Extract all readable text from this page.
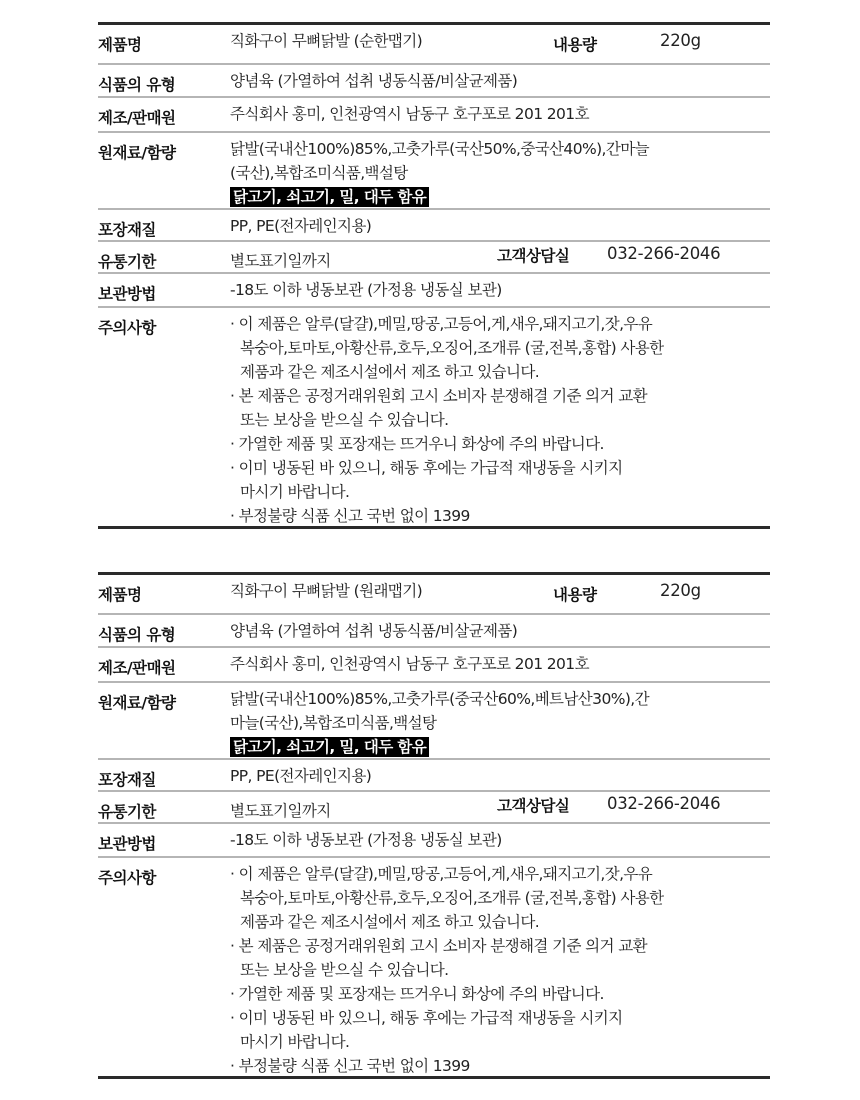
제품명	직화구이 무뼈닭발 (순한맵기)	내용량	220g
식품의 유형	양념육 (가열하여 섭취 냉동식품/비살균제품)
제조/판매원	주식회사 홍미, 인천광역시 남동구 호구포로 201 201호
원재료/함량	닭발(국내산100%)85%,고춧가루(국산50%,중국산40%),간마늘
(국산),복합조미식품,백설탕
닭고기, 쇠고기, 밀, 대두 함유
포장재질	PP, PE(전자레인지용)
유통기한	별도표기일까지	고객상담실 032-266-2046
보관방법	-18도 이하 냉동보관 (가정용 냉동실 보관)
주의사항	· 이 제품은 알루(달걀),메밀,땅공,고등어,게,새우,돼지고기,잣,우유
복숭아,토마토,아황산류,호두,오징어,조개류 (굴,전복,홍합) 사용한
제품과 같은 제조시설에서 제조 하고 있습니다.
· 본 제품은 공정거래위원회 고시 소비자 분쟁해결 기준 의거 교환
또는 보상을 받으실 수 있습니다.
· 가열한 제품 및 포장재는 뜨거우니 화상에 주의 바랍니다.
· 이미 냉동된 바 있으니, 해동 후에는 가급적 재냉동을 시키지
마시기 바랍니다.
· 부정불량 식품 신고 국번 없이 1399
제품명	직화구이 무뼈닭발 (원래맵기)	내용량	220g
식품의 유형	양념육 (가열하여 섭취 냉동식품/비살균제품)
제조/판매원	주식회사 홍미, 인천광역시 남동구 호구포로 201 201호
원재료/함량	닭발(국내산100%)85%,고춧가루(중국산60%,베트남산30%),간
마늘(국산),복합조미식품,백설탕
닭고기, 쇠고기, 밀, 대두 함유
포장재질	PP, PE(전자레인지용)
유통기한	별도표기일까지	고객상담실 032-266-2046
보관방법	-18도 이하 냉동보관 (가정용 냉동실 보관)
주의사항	· 이 제품은 알루(달걀),메밀,땅공,고등어,게,새우,돼지고기,잣,우유
복숭아,토마토,아황산류,호두,오징어,조개류 (굴,전복,홍합) 사용한
제품과 같은 제조시설에서 제조 하고 있습니다.
· 본 제품은 공정거래위원회 고시 소비자 분쟁해결 기준 의거 교환
또는 보상을 받으실 수 있습니다.
· 가열한 제품 및 포장재는 뜨거우니 화상에 주의 바랍니다.
· 이미 냉동된 바 있으니, 해동 후에는 가급적 재냉동을 시키지
마시기 바랍니다.
· 부정불량 식품 신고 국번 없이 1399
